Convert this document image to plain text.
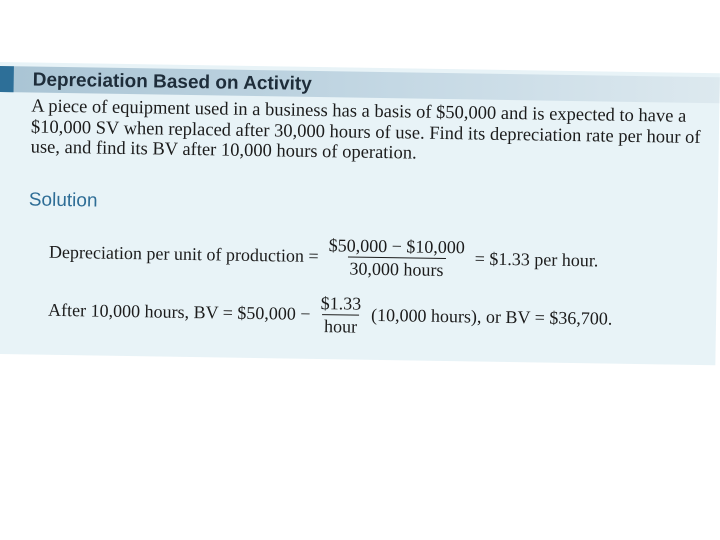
Depreciation Based on Activity
A piece of equipment used in a business has a basis of $50,000 and is expected to have a $10,000 SV when replaced after 30,000 hours of use. Find its depreciation rate per hour of use, and find its BV after 10,000 hours of operation.
Solution
Depreciation per unit of production = $\frac{\$50,000 - \$10,000}{\text{30,000 hours}}$ = $1.33 per hour.
After 10,000 hours, BV = $50,000 − $\frac{\$1.33}{\text{hour}} (10,000$ hours), or BV = $36,700.
